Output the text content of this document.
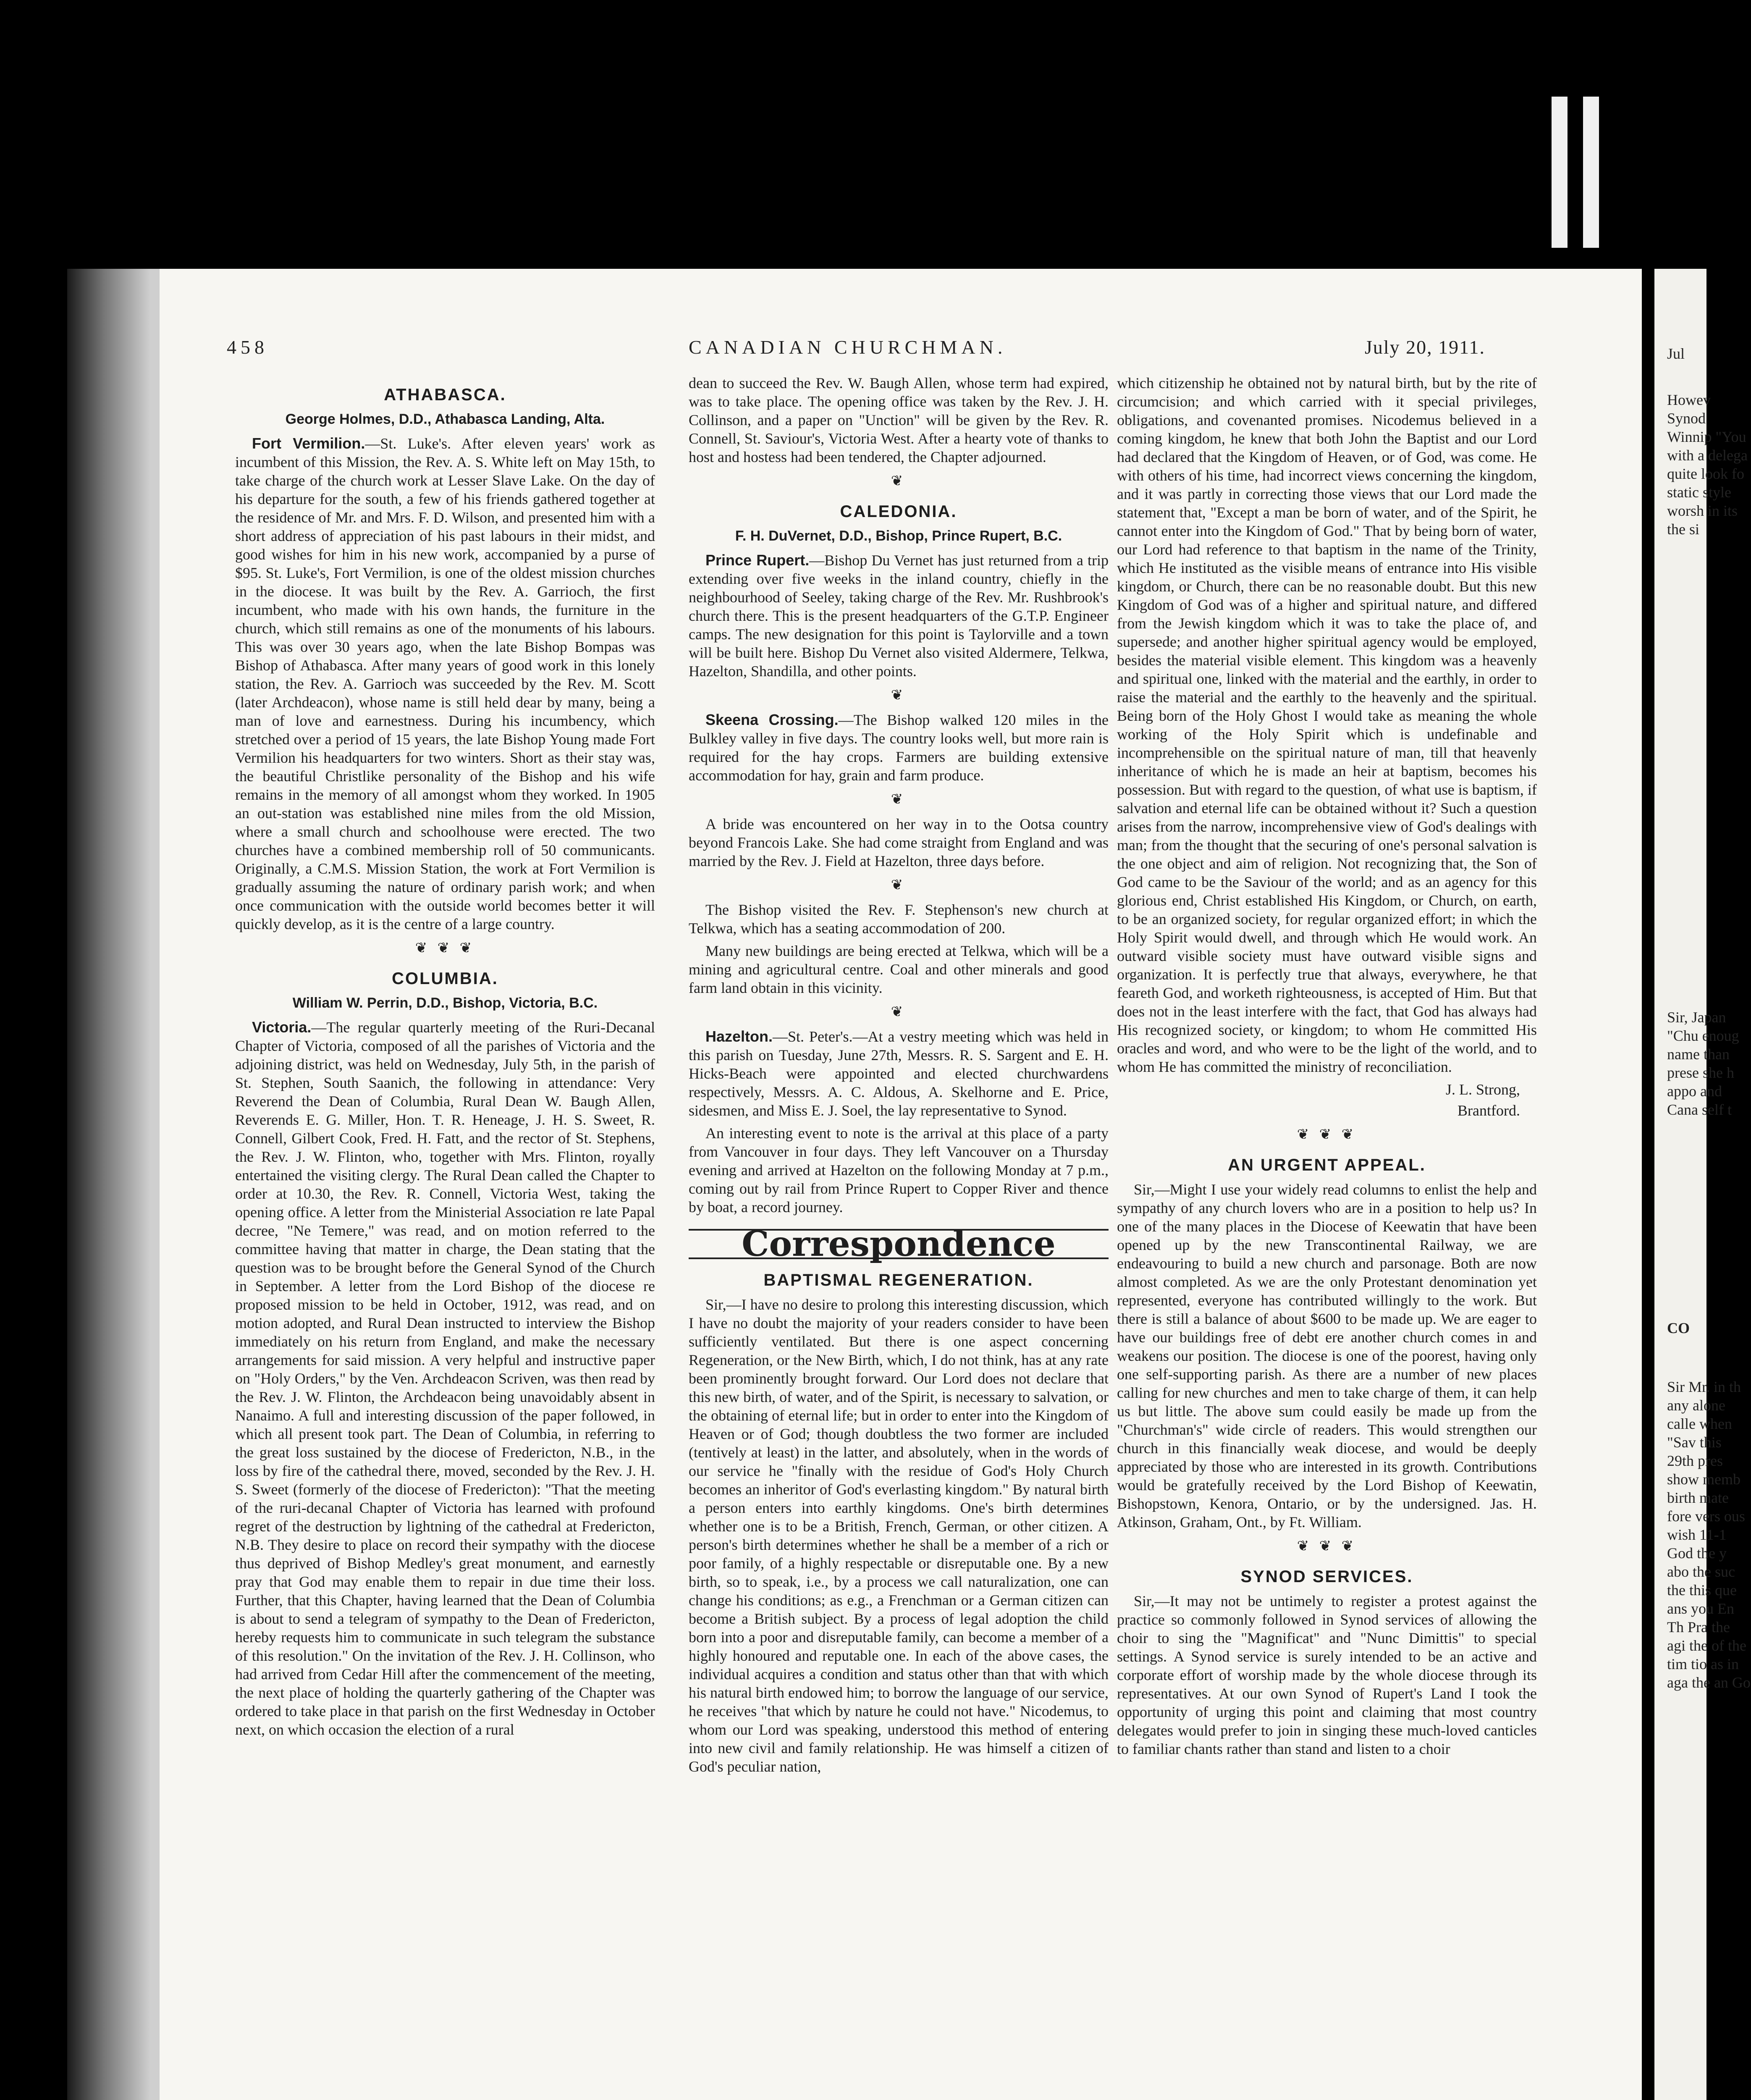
Jul
Howev Synod Winnip "You with a delega quite look fo static style worsh in its the si
Sir, Japan "Chu enoug name than prese she h appo and Cana self t
CO
Sir Mr. in th any alone calle when "Sav this 29th pres show memb birth mate fore vers ous wish 11-1 God the y abo the suc the this que ans you En Th Pra the agi the of the tim tio as in aga the an Go
458	CANADIAN CHURCHMAN.	July 20, 1911.
ATHABASCA.
George Holmes, D.D., Athabasca Landing, Alta.

Fort Vermilion.—St. Luke's. After eleven years' work as incumbent of this Mission, the Rev. A. S. White left on May 15th, to take charge of the church work at Lesser Slave Lake. On the day of his departure for the south, a few of his friends gathered together at the residence of Mr. and Mrs. F. D. Wilson, and presented him with a short address of appreciation of his past labours in their midst, and good wishes for him in his new work, accompanied by a purse of $95. St. Luke's, Fort Vermilion, is one of the oldest mission churches in the diocese. It was built by the Rev. A. Garrioch, the first incumbent, who made with his own hands, the furniture in the church, which still remains as one of the monuments of his labours. This was over 30 years ago, when the late Bishop Bompas was Bishop of Athabasca. After many years of good work in this lonely station, the Rev. A. Garrioch was succeeded by the Rev. M. Scott (later Archdeacon), whose name is still held dear by many, being a man of love and earnestness. During his incumbency, which stretched over a period of 15 years, the late Bishop Young made Fort Vermilion his headquarters for two winters. Short as their stay was, the beautiful Christlike personality of the Bishop and his wife remains in the memory of all amongst whom they worked. In 1905 an out-station was established nine miles from the old Mission, where a small church and schoolhouse were erected. The two churches have a combined membership roll of 50 communicants. Originally, a C.M.S. Mission Station, the work at Fort Vermilion is gradually assuming the nature of ordinary parish work; and when once communication with the outside world becomes better it will quickly develop, as it is the centre of a large country.

❦ ❦ ❦
COLUMBIA.
William W. Perrin, D.D., Bishop, Victoria, B.C.

Victoria.—The regular quarterly meeting of the Ruri-Decanal Chapter of Victoria, composed of all the parishes of Victoria and the adjoining district, was held on Wednesday, July 5th, in the parish of St. Stephen, South Saanich, the following in attendance: Very Reverend the Dean of Columbia, Rural Dean W. Baugh Allen, Reverends E. G. Miller, Hon. T. R. Heneage, J. H. S. Sweet, R. Connell, Gilbert Cook, Fred. H. Fatt, and the rector of St. Stephens, the Rev. J. W. Flinton, who, together with Mrs. Flinton, royally entertained the visiting clergy. The Rural Dean called the Chapter to order at 10.30, the Rev. R. Connell, Victoria West, taking the opening office. A letter from the Ministerial Association re late Papal decree, "Ne Temere," was read, and on motion referred to the committee having that matter in charge, the Dean stating that the question was to be brought before the General Synod of the Church in September. A letter from the Lord Bishop of the diocese re proposed mission to be held in October, 1912, was read, and on motion adopted, and Rural Dean instructed to interview the Bishop immediately on his return from England, and make the necessary arrangements for said mission. A very helpful and instructive paper on "Holy Orders," by the Ven. Archdeacon Scriven, was then read by the Rev. J. W. Flinton, the Archdeacon being unavoidably absent in Nanaimo. A full and interesting discussion of the paper followed, in which all present took part. The Dean of Columbia, in referring to the great loss sustained by the diocese of Fredericton, N.B., in the loss by fire of the cathedral there, moved, seconded by the Rev. J. H. S. Sweet (formerly of the diocese of Fredericton): "That the meeting of the ruri-decanal Chapter of Victoria has learned with profound regret of the destruction by lightning of the cathedral at Fredericton, N.B. They desire to place on record their sympathy with the diocese thus deprived of Bishop Medley's great monument, and earnestly pray that God may enable them to repair in due time their loss. Further, that this Chapter, having learned that the Dean of Columbia is about to send a telegram of sympathy to the Dean of Fredericton, hereby requests him to communicate in such telegram the substance of this resolution." On the invitation of the Rev. J. H. Collinson, who had arrived from Cedar Hill after the commencement of the meeting, the next place of holding the quarterly gathering of the Chapter was ordered to take place in that parish on the first Wednesday in October next, on which occasion the election of a rural

dean to succeed the Rev. W. Baugh Allen, whose term had expired, was to take place. The opening office was taken by the Rev. J. H. Collinson, and a paper on "Unction" will be given by the Rev. R. Connell, St. Saviour's, Victoria West. After a hearty vote of thanks to host and hostess had been tendered, the Chapter adjourned.

❦
CALEDONIA.
F. H. DuVernet, D.D., Bishop, Prince Rupert, B.C.

Prince Rupert.—Bishop Du Vernet has just returned from a trip extending over five weeks in the inland country, chiefly in the neighbourhood of Seeley, taking charge of the Rev. Mr. Rushbrook's church there. This is the present headquarters of the G.T.P. Engineer camps. The new designation for this point is Taylorville and a town will be built here. Bishop Du Vernet also visited Aldermere, Telkwa, Hazelton, Shandilla, and other points.

❦

Skeena Crossing.—The Bishop walked 120 miles in the Bulkley valley in five days. The country looks well, but more rain is required for the hay crops. Farmers are building extensive accommodation for hay, grain and farm produce.

❦

A bride was encountered on her way in to the Ootsa country beyond Francois Lake. She had come straight from England and was married by the Rev. J. Field at Hazelton, three days before.

❦

The Bishop visited the Rev. F. Stephenson's new church at Telkwa, which has a seating accommodation of 200.

Many new buildings are being erected at Telkwa, which will be a mining and agricultural centre. Coal and other minerals and good farm land obtain in this vicinity.

❦

Hazelton.—St. Peter's.—At a vestry meeting which was held in this parish on Tuesday, June 27th, Messrs. R. S. Sargent and E. H. Hicks-Beach were appointed and elected churchwardens respectively, Messrs. A. C. Aldous, A. Skelhorne and E. Price, sidesmen, and Miss E. J. Soel, the lay representative to Synod.

An interesting event to note is the arrival at this place of a party from Vancouver in four days. They left Vancouver on a Thursday evening and arrived at Hazelton on the following Monday at 7 p.m., coming out by rail from Prince Rupert to Copper River and thence by boat, a record journey.

Correspondence
BAPTISMAL REGENERATION.

Sir,—I have no desire to prolong this interesting discussion, which I have no doubt the majority of your readers consider to have been sufficiently ventilated. But there is one aspect concerning Regeneration, or the New Birth, which, I do not think, has at any rate been prominently brought forward. Our Lord does not declare that this new birth, of water, and of the Spirit, is necessary to salvation, or the obtaining of eternal life; but in order to enter into the Kingdom of Heaven or of God; though doubtless the two former are included (tentively at least) in the latter, and absolutely, when in the words of our service he "finally with the residue of God's Holy Church becomes an inheritor of God's everlasting kingdom." By natural birth a person enters into earthly kingdoms. One's birth determines whether one is to be a British, French, German, or other citizen. A person's birth determines whether he shall be a member of a rich or poor family, of a highly respectable or disreputable one. By a new birth, so to speak, i.e., by a process we call naturalization, one can change his conditions; as e.g., a Frenchman or a German citizen can become a British subject. By a process of legal adoption the child born into a poor and disreputable family, can become a member of a highly honoured and reputable one. In each of the above cases, the individual acquires a condition and status other than that with which his natural birth endowed him; to borrow the language of our service, he receives "that which by nature he could not have." Nicodemus, to whom our Lord was speaking, understood this method of entering into new civil and family relationship. He was himself a citizen of God's peculiar nation,

which citizenship he obtained not by natural birth, but by the rite of circumcision; and which carried with it special privileges, obligations, and covenanted promises. Nicodemus believed in a coming kingdom, he knew that both John the Baptist and our Lord had declared that the Kingdom of Heaven, or of God, was come. He with others of his time, had incorrect views concerning the kingdom, and it was partly in correcting those views that our Lord made the statement that, "Except a man be born of water, and of the Spirit, he cannot enter into the Kingdom of God." That by being born of water, our Lord had reference to that baptism in the name of the Trinity, which He instituted as the visible means of entrance into His visible kingdom, or Church, there can be no reasonable doubt. But this new Kingdom of God was of a higher and spiritual nature, and differed from the Jewish kingdom which it was to take the place of, and supersede; and another higher spiritual agency would be employed, besides the material visible element. This kingdom was a heavenly and spiritual one, linked with the material and the earthly, in order to raise the material and the earthly to the heavenly and the spiritual. Being born of the Holy Ghost I would take as meaning the whole working of the Holy Spirit which is undefinable and incomprehensible on the spiritual nature of man, till that heavenly inheritance of which he is made an heir at baptism, becomes his possession. But with regard to the question, of what use is baptism, if salvation and eternal life can be obtained without it? Such a question arises from the narrow, incomprehensive view of God's dealings with man; from the thought that the securing of one's personal salvation is the one object and aim of religion. Not recognizing that, the Son of God came to be the Saviour of the world; and as an agency for this glorious end, Christ established His Kingdom, or Church, on earth, to be an organized society, for regular organized effort; in which the Holy Spirit would dwell, and through which He would work. An outward visible society must have outward visible signs and organization. It is perfectly true that always, everywhere, he that feareth God, and worketh righteousness, is accepted of Him. But that does not in the least interfere with the fact, that God has always had His recognized society, or kingdom; to whom He committed His oracles and word, and who were to be the light of the world, and to whom He has committed the ministry of reconciliation.

J. L. Strong,
Brantford.
❦ ❦ ❦
AN URGENT APPEAL.

Sir,—Might I use your widely read columns to enlist the help and sympathy of any church lovers who are in a position to help us? In one of the many places in the Diocese of Keewatin that have been opened up by the new Transcontinental Railway, we are endeavouring to build a new church and parsonage. Both are now almost completed. As we are the only Protestant denomination yet represented, everyone has contributed willingly to the work. But there is still a balance of about $600 to be made up. We are eager to have our buildings free of debt ere another church comes in and weakens our position. The diocese is one of the poorest, having only one self-supporting parish. As there are a number of new places calling for new churches and men to take charge of them, it can help us but little. The above sum could easily be made up from the "Churchman's" wide circle of readers. This would strengthen our church in this financially weak diocese, and would be deeply appreciated by those who are interested in its growth. Contributions would be gratefully received by the Lord Bishop of Keewatin, Bishopstown, Kenora, Ontario, or by the undersigned. Jas. H. Atkinson, Graham, Ont., by Ft. William.

❦ ❦ ❦
SYNOD SERVICES.

Sir,—It may not be untimely to register a protest against the practice so commonly followed in Synod services of allowing the choir to sing the "Magnificat" and "Nunc Dimittis" to special settings. A Synod service is surely intended to be an active and corporate effort of worship made by the whole diocese through its representatives. At our own Synod of Rupert's Land I took the opportunity of urging this point and claiming that most country delegates would prefer to join in singing these much-loved canticles to familiar chants rather than stand and listen to a choir
